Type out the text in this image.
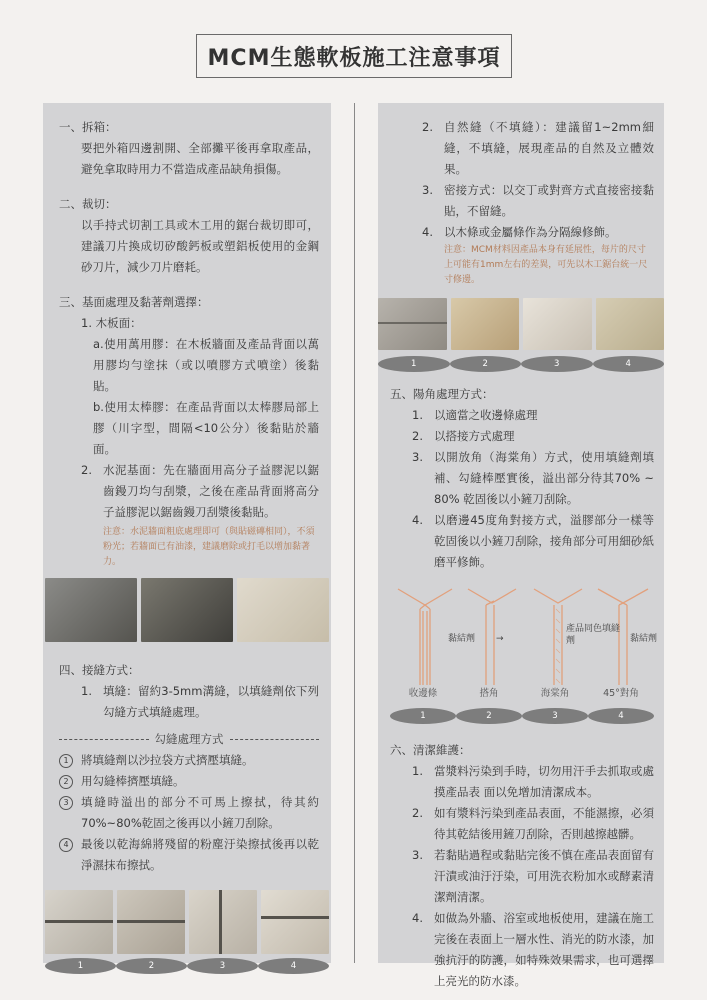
MCM生態軟板施工注意事項

一、拆箱：

要把外箱四邊割開、全部攤平後再拿取產品，避免拿取時用力不當造成產品缺角損傷。

二、裁切：

以手持式切割工具或木工用的鋸台裁切即可，建議刀片換成切矽酸鈣板或塑鋁板使用的金鋼砂刀片，減少刀片磨耗。

三、基面處理及黏著劑選擇：

1. 木板面：

a.使用萬用膠：在木板牆面及產品背面以萬用膠均勻塗抹（或以噴膠方式噴塗）後黏貼。

b.使用太棒膠：在產品背面以太棒膠局部上膠（川字型，間隔<10公分）後黏貼於牆面。

2. 水泥基面：先在牆面用高分子益膠泥以鋸齒鏝刀均勻刮漿，之後在產品背面將高分子益膠泥以鋸齒鏝刀刮漿後黏貼。

注意：水泥牆面粗底處理即可（與貼磁磚相同），不須粉光；若牆面已有油漆，建議磨除或打毛以增加黏著力。

四、接縫方式：

1. 填縫：留約3-5mm溝縫，以填縫劑依下列勾縫方式填縫處理。
勾縫處理方式
1	將填縫劑以沙拉袋方式擠壓填縫。
2	用勾縫棒擠壓填縫。
3	填縫時溢出的部分不可馬上擦拭，待其約70%~80%乾固之後再以小鏟刀刮除。
4	最後以乾海綿將殘留的粉塵汙染擦拭後再以乾淨濕抹布擦拭。
1	2	3	4
2. 自然縫（不填縫）：建議留1~2mm細縫，不填縫，展現產品的自然及立體效果。
3. 密接方式：以交丁或對齊方式直接密接黏貼，不留縫。
4. 以木條或金屬條作為分隔線修飾。

注意：MCM材料因產品本身有延展性，每片的尺寸上可能有1mm左右的差異，可先以木工鋸台統一尺寸修邊。

1	2	3	4

五、陽角處理方式：

1. 以適當之收邊條處理
2. 以搭接方式處理
3. 以開放角（海棠角）方式，使用填縫劑填補、勾縫棒壓實後，溢出部分待其70% ~ 80% 乾固後以小鏟刀刮除。
4. 以磨邊45度角對接方式，溢膠部分一樣等乾固後以小鏟刀刮除，接角部分可用細砂紙磨平修飾。
黏結劑 →
產品同色填縫劑	黏結劑
收邊條	搭角	海棠角	45°對角
1	2	3	4

六、清潔維護：

1. 當漿料污染到手時，切勿用汗手去抓取或處摸產品表 面以免增加清潔成本。
2. 如有漿料污染到產品表面，不能濕擦，必須待其乾結後用鏟刀刮除，否則越擦越髒。
3. 若黏貼過程或黏貼完後不慎在產品表面留有汗漬或油汙汙染，可用洗衣粉加水或酵素清潔劑清潔。
4. 如做為外牆、浴室或地板使用，建議在施工完後在表面上一層水性、消光的防水漆，加強抗汙的防護，如特殊效果需求，也可選擇上亮光的防水漆。
